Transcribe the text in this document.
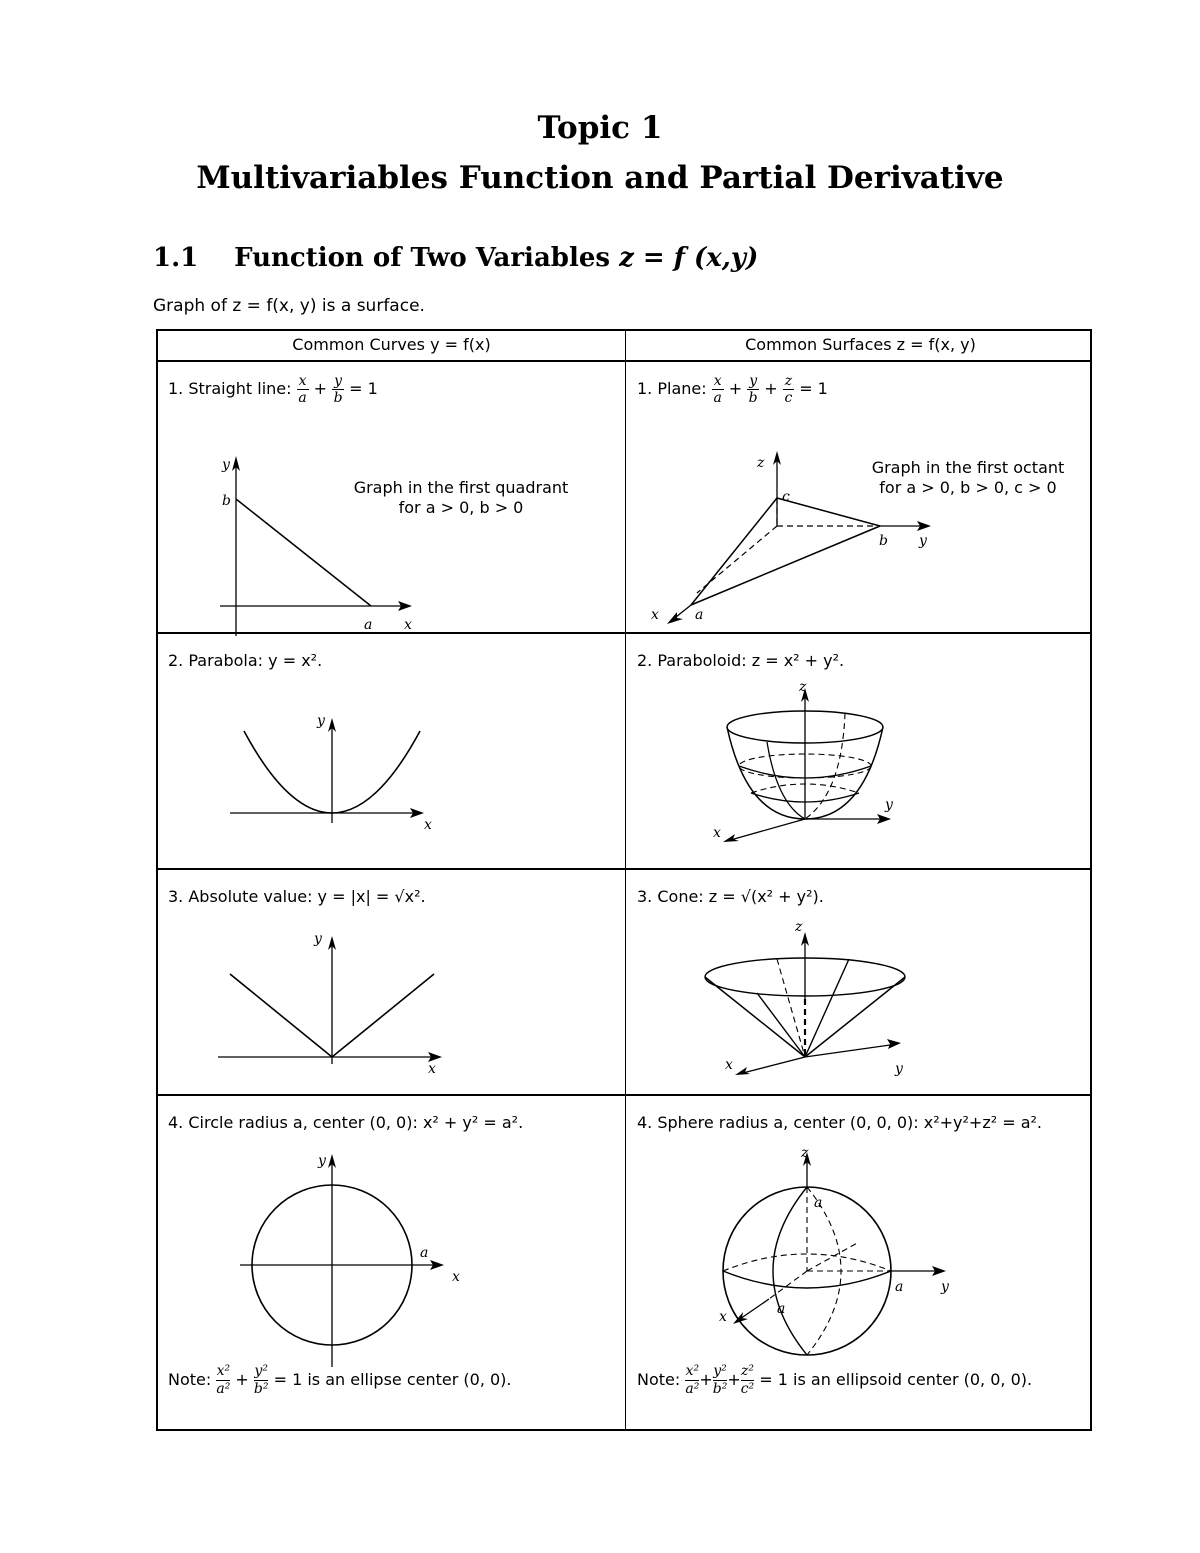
Topic 1
Multivariables Function and Partial Derivative
1.1 Function of Two Variables z = f (x,y)
Graph of z = f(x, y) is a surface.
Common Curves y = f(x)	Common Surfaces z = f(x, y)
1. Straight line: $\frac{x}{a} + \frac{y}{b} = 1$
y
b
a x
Graph in the first quadrant
for a > 0, b > 0
1. Plane: $\frac{x}{a} + \frac{y}{b} + \frac{z}{c} = 1$
z
c
b y
a
x
Graph in the first octant
for a > 0, b > 0, c > 0
2. Parabola: y = x².
y
x
2. Paraboloid: z = x² + y².
z
y
x
3. Absolute value: y = |x| = √x².
y
x
3. Cone: z = √(x² + y²).
z
y
x
4. Circle radius a, center (0, 0): x² + y² = a².
y
a
x
Note: $\frac{\text{x²}}{\text{a²}} + \frac{\text{y²}}{\text{b²}} = 1$ is an ellipse center (0, 0).
4. Sphere radius a, center (0, 0, 0): x²+y²+z² = a².
z
a
a	y
a
x
Note: $\frac{\text{x²}}{\text{a²}} + \frac{\text{y²}}{\text{b²}} + \frac{\text{z²}}{\text{c²}} = 1$ is an ellipsoid center (0, 0, 0).
